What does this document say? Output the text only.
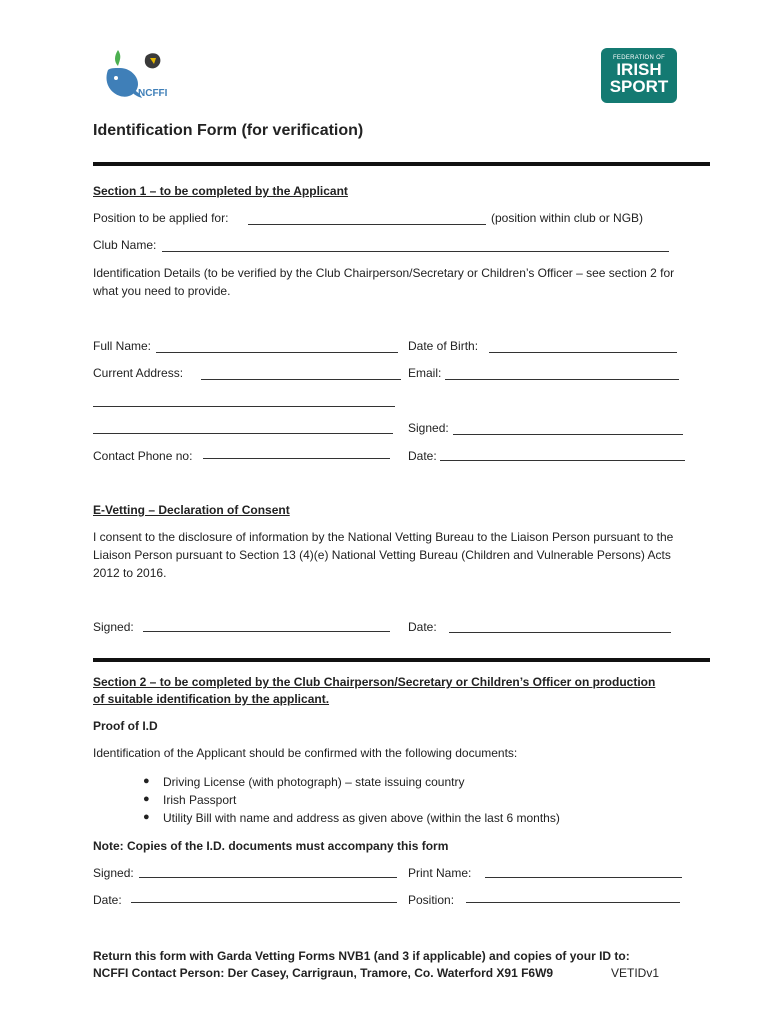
NCFFI
FEDERATION OF
IRISH
SPORT
Identification Form (for verification)
Section 1 – to be completed by the Applicant
Position to be applied for:	(position within club or NGB)
Club Name:
Identification Details (to be verified by the Club Chairperson/Secretary or Children’s Officer – see section 2 for what you need to provide.
Full Name:	Date of Birth:
Current Address:	Email:
Signed:
Contact Phone no:	Date:
E-Vetting – Declaration of Consent
I consent to the disclosure of information by the National Vetting Bureau to the Liaison Person pursuant to the Liaison Person pursuant to Section 13 (4)(e) National Vetting Bureau (Children and Vulnerable Persons) Acts 2012 to 2016.
Signed:	Date:
Section 2 – to be completed by the Club Chairperson/Secretary or Children’s Officer on production
of suitable identification by the applicant.
Proof of I.D
Identification of the Applicant should be confirmed with the following documents:
● Driving License (with photograph) – state issuing country
● Irish Passport
● Utility Bill with name and address as given above (within the last 6 months)
Note: Copies of the I.D. documents must accompany this form
Signed:	Print Name:
Date:	Position:
Return this form with Garda Vetting Forms NVB1 (and 3 if applicable) and copies of your ID to:
NCFFI Contact Person: Der Casey, Carrigraun, Tramore, Co. Waterford X91 F6W9	VETIDv1
